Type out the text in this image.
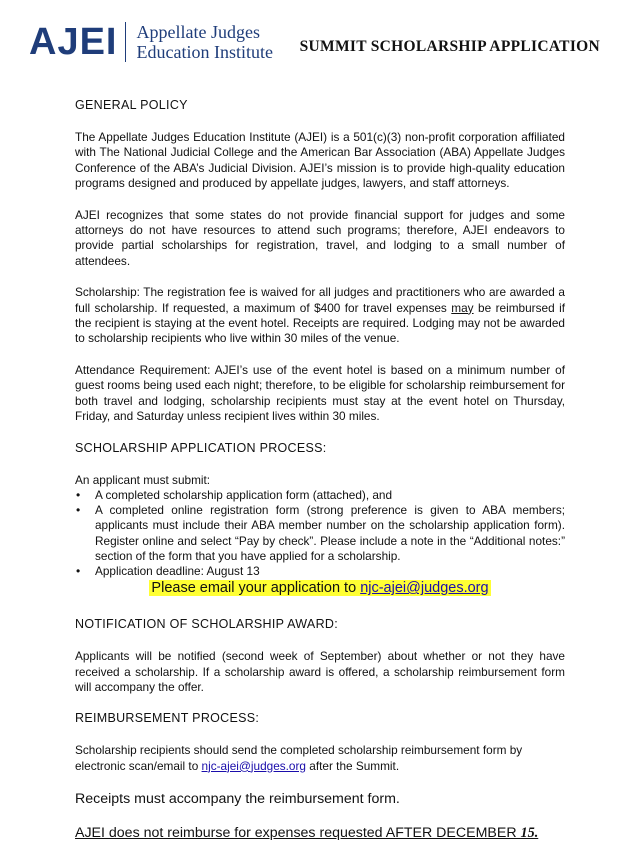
AJEI Appellate Judges
Education Institute SUMMIT SCHOLARSHIP APPLICATION
GENERAL POLICY

The Appellate Judges Education Institute (AJEI) is a 501(c)(3) non-profit corporation affiliated with The National Judicial College and the American Bar Association (ABA) Appellate Judges Conference of the ABA’s Judicial Division. AJEI’s mission is to provide high-quality education programs designed and produced by appellate judges, lawyers, and staff attorneys.

AJEI recognizes that some states do not provide financial support for judges and some attorneys do not have resources to attend such programs; therefore, AJEI endeavors to provide partial scholarships for registration, travel, and lodging to a small number of attendees.

Scholarship: The registration fee is waived for all judges and practitioners who are awarded a full scholarship. If requested, a maximum of $400 for travel expenses may be reimbursed if the recipient is staying at the event hotel. Receipts are required. Lodging may not be awarded to scholarship recipients who live within 30 miles of the venue.

Attendance Requirement: AJEI’s use of the event hotel is based on a minimum number of guest rooms being used each night; therefore, to be eligible for scholarship reimbursement for both travel and lodging, scholarship recipients must stay at the event hotel on Thursday, Friday, and Saturday unless recipient lives within 30 miles.

SCHOLARSHIP APPLICATION PROCESS:

An applicant must submit:

• A completed scholarship application form (attached), and
• A completed online registration form (strong preference is given to ABA members; applicants must include their ABA member number on the scholarship application form). Register online and select “Pay by check”. Please include a note in the “Additional notes:” section of the form that you have applied for a scholarship.
• Application deadline: August 13
Please email your application to njc-ajei@judges.org
NOTIFICATION OF SCHOLARSHIP AWARD:

Applicants will be notified (second week of September) about whether or not they have received a scholarship. If a scholarship award is offered, a scholarship reimbursement form will accompany the offer.

REIMBURSEMENT PROCESS:

Scholarship recipients should send the completed scholarship reimbursement form by electronic scan/email to njc-ajei@judges.org after the Summit.

Receipts must accompany the reimbursement form.

AJEI does not reimburse for expenses requested AFTER DECEMBER 15.
